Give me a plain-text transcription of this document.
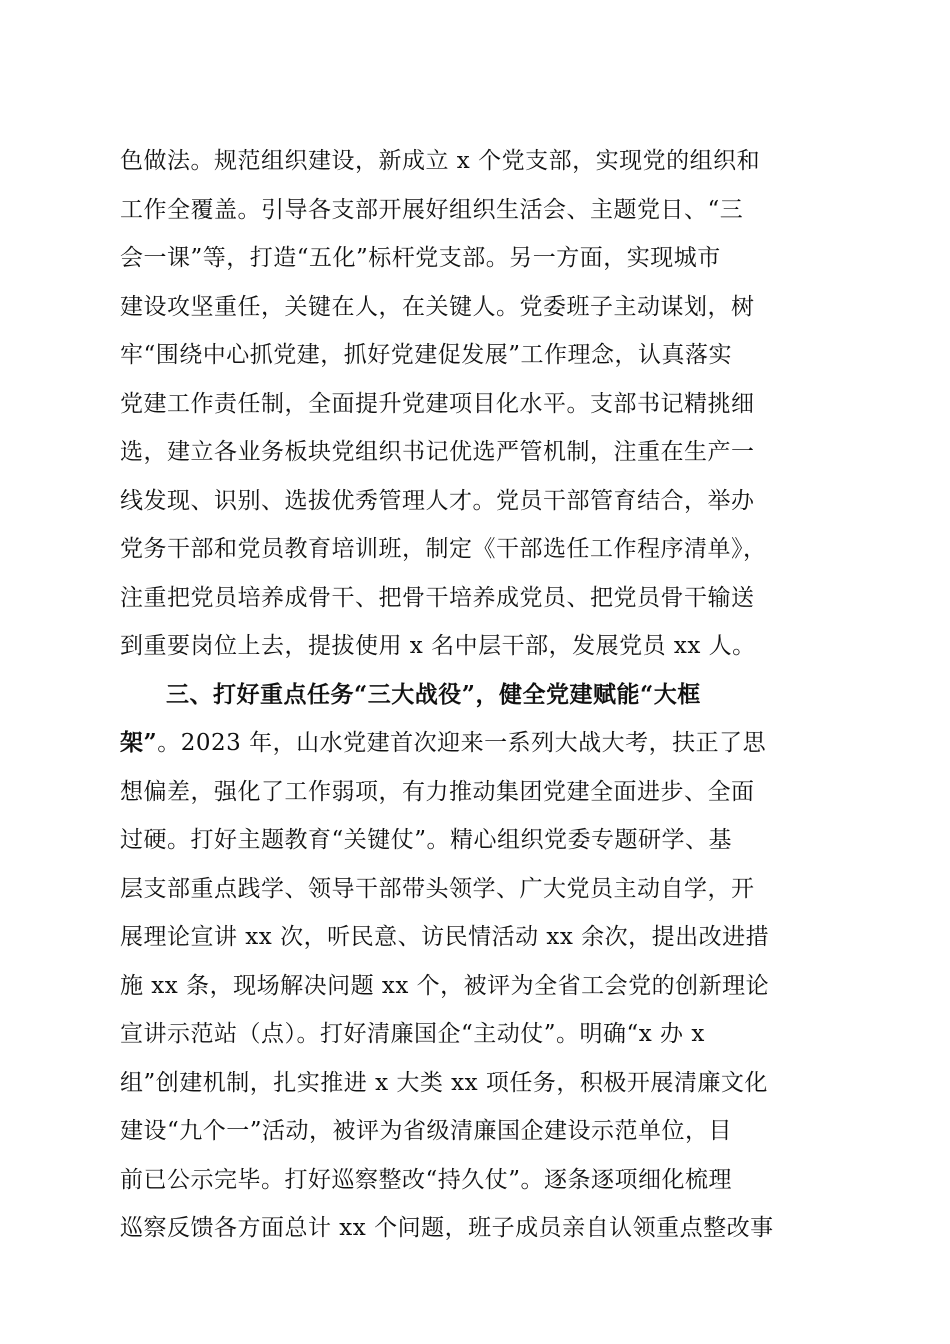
色做法。规范组织建设，新成立 x 个党支部，实现党的组织和
工作全覆盖。引导各支部开展好组织生活会、主题党日、“三
会一课”等，打造“五化”标杆党支部。另一方面，实现城市
建设攻坚重任，关键在人，在关键人。党委班子主动谋划，树
牢“围绕中心抓党建，抓好党建促发展”工作理念，认真落实
党建工作责任制，全面提升党建项目化水平。支部书记精挑细
选，建立各业务板块党组织书记优选严管机制，注重在生产一
线发现、识别、选拔优秀管理人才。党员干部管育结合，举办
党务干部和党员教育培训班，制定《干部选任工作程序清单》，
注重把党员培养成骨干、把骨干培养成党员、把党员骨干输送
到重要岗位上去，提拔使用 x 名中层干部，发展党员 xx 人。
三、打好重点任务“三大战役”，健全党建赋能“大框
架”。2023 年，山水党建首次迎来一系列大战大考，扶正了思
想偏差，强化了工作弱项，有力推动集团党建全面进步、全面
过硬。打好主题教育“关键仗”。精心组织党委专题研学、基
层支部重点践学、领导干部带头领学、广大党员主动自学，开
展理论宣讲 xx 次，听民意、访民情活动 xx 余次，提出改进措
施 xx 条，现场解决问题 xx 个，被评为全省工会党的创新理论
宣讲示范站（点）。打好清廉国企“主动仗”。明确“x 办 x
组”创建机制，扎实推进 x 大类 xx 项任务，积极开展清廉文化
建设“九个一”活动，被评为省级清廉国企建设示范单位，目
前已公示完毕。打好巡察整改“持久仗”。逐条逐项细化梳理
巡察反馈各方面总计 xx 个问题，班子成员亲自认领重点整改事
